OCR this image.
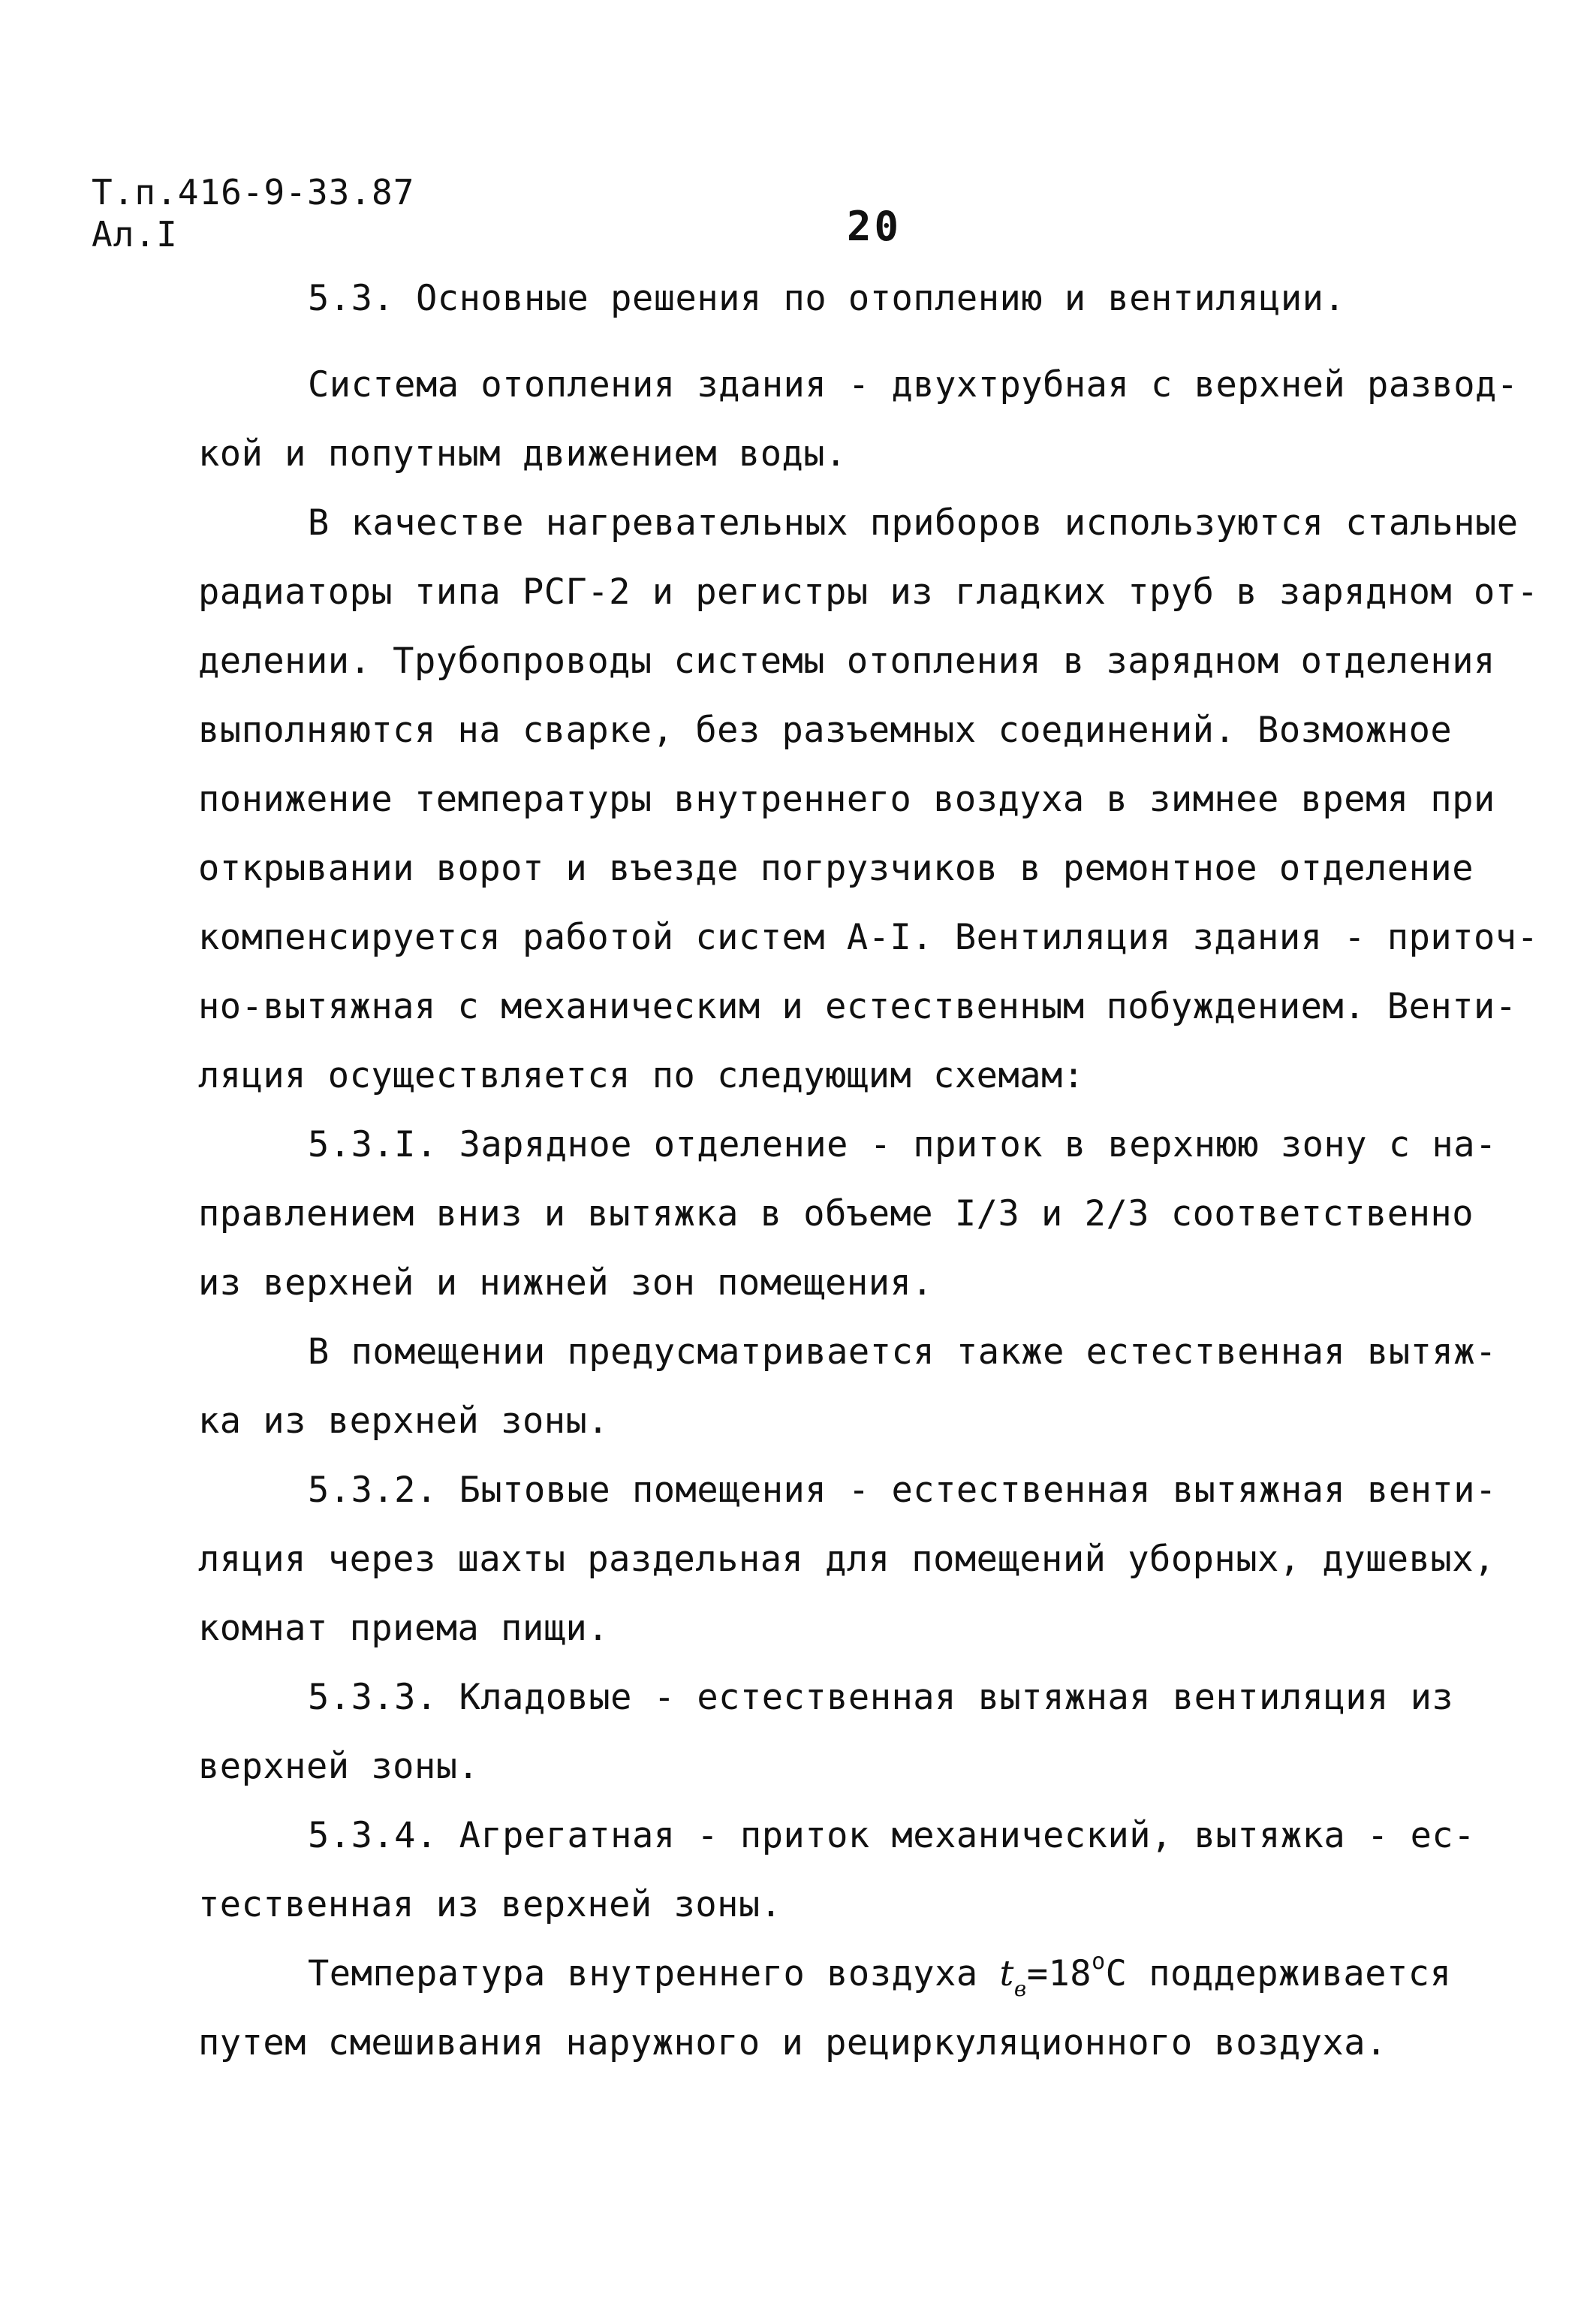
Т.п.416-9-33.87
Ал.I	20
5.3. Основные решения по отоплению и вентиляции.
Система отопления здания - двухтрубная с верхней развод-
кой и попутным движением воды.
В качестве нагревательных приборов используются стальные
радиаторы типа РСГ-2 и регистры из гладких труб в зарядном от-
делении. Трубопроводы системы отопления в зарядном отделения
выполняются на сварке, без разъемных соединений. Возможное
понижение температуры внутреннего воздуха в зимнее время при
открывании ворот и въезде погрузчиков в ремонтное отделение
компенсируется работой систем А-I. Вентиляция здания - приточ-
но-вытяжная с механическим и естественным побуждением. Венти-
ляция осуществляется по следующим схемам:
5.3.I. Зарядное отделение - приток в верхнюю зону с на-
правлением вниз и вытяжка в объеме I/3 и 2/3 соответственно
из верхней и нижней зон помещения.
В помещении предусматривается также естественная вытяж-
ка из верхней зоны.
5.3.2. Бытовые помещения - естественная вытяжная венти-
ляция через шахты раздельная для помещений уборных, душевых,
комнат приема пищи.
5.3.3. Кладовые - естественная вытяжная вентиляция из
верхней зоны.
5.3.4. Агрегатная - приток механический, вытяжка - ес-
тественная из верхней зоны.
Температура внутреннего воздуха $t_в=18^oС$ поддерживается
путем смешивания наружного и рециркуляционного воздуха.
